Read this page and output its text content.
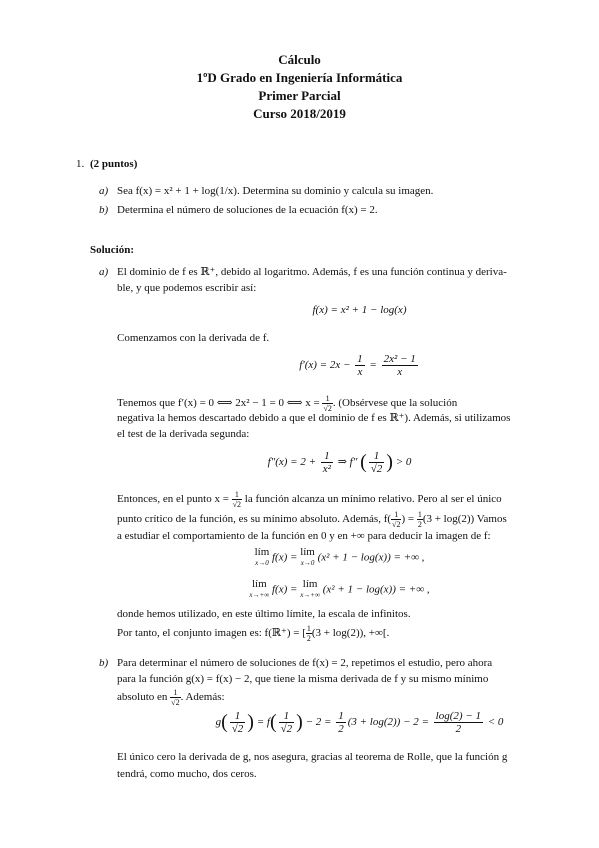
Cálculo
1ºD Grado en Ingeniería Informática
Primer Parcial
Curso 2018/2019
1. (2 puntos)
a) Sea f(x) = x² + 1 + log(1/x). Determina su dominio y calcula su imagen.
b) Determina el número de soluciones de la ecuación f(x) = 2.
Solución:
a) El dominio de f es ℝ⁺, debido al logaritmo. Además, f es una función continua y deriva-
ble, y que podemos escribir así:
f(x) = x² + 1 − log(x)
Comenzamos con la derivada de f.
$f'(x) = 2x - \frac{1}{x} = \frac{\text{2x² − 1}}{x}$
Tenemos que f′(x) = 0 ⟺ 2x² − 1 = 0 ⟺ $x = \frac{1}{√2}$ . (Obsérvese que la solución
negativa la hemos descartado debido a que el dominio de f es ℝ⁺). Además, si utilizamos
el test de la derivada segunda:
$f''(x) = 2 + \frac{1}{\text{x²}}$ ⇒ f″ ( $\frac{1}{√2}$ ) > 0
Entonces, en el punto $x = \frac{1}{√2}$ la función alcanza un mínimo relativo. Pero al ser el único
punto crítico de la función, es su mínimo absoluto. Además, $f( \frac{1}{√2}$ ) = $\frac{1}{2} (3 + \log(2))$ Vamos
a estudiar el comportamiento de la función en 0 y en +∞ para deducir la imagen de f:
lím
x→0 f(x) = lím
x→0 (x² + 1 − log(x)) = +∞ ,
lím
x→+∞ f(x) = lím
x→+∞ (x² + 1 − log(x)) = +∞ ,
donde hemos utilizado, en este último límite, la escala de infinitos.
Por tanto, el conjunto imagen es: f(ℝ⁺) = [ $\frac{1}{2} (3 + \log(2))$, +∞[.
b) Para determinar el número de soluciones de f(x) = 2, repetimos el estudio, pero ahora
para la función g(x) = f(x) − 2, que tiene la misma derivada de f y su mismo mínimo
absoluto en $\frac{1}{√2}$ . Además:
$g( \frac{1}{√2}$ ) = $f( \frac{1}{√2}$ ) − $2 = \frac{1}{2} (3 + \log(2)) - 2 = \frac{\log(2) - 1}{2} < 0$
El único cero la derivada de g, nos asegura, gracias al teorema de Rolle, que la función g
tendrá, como mucho, dos ceros.
